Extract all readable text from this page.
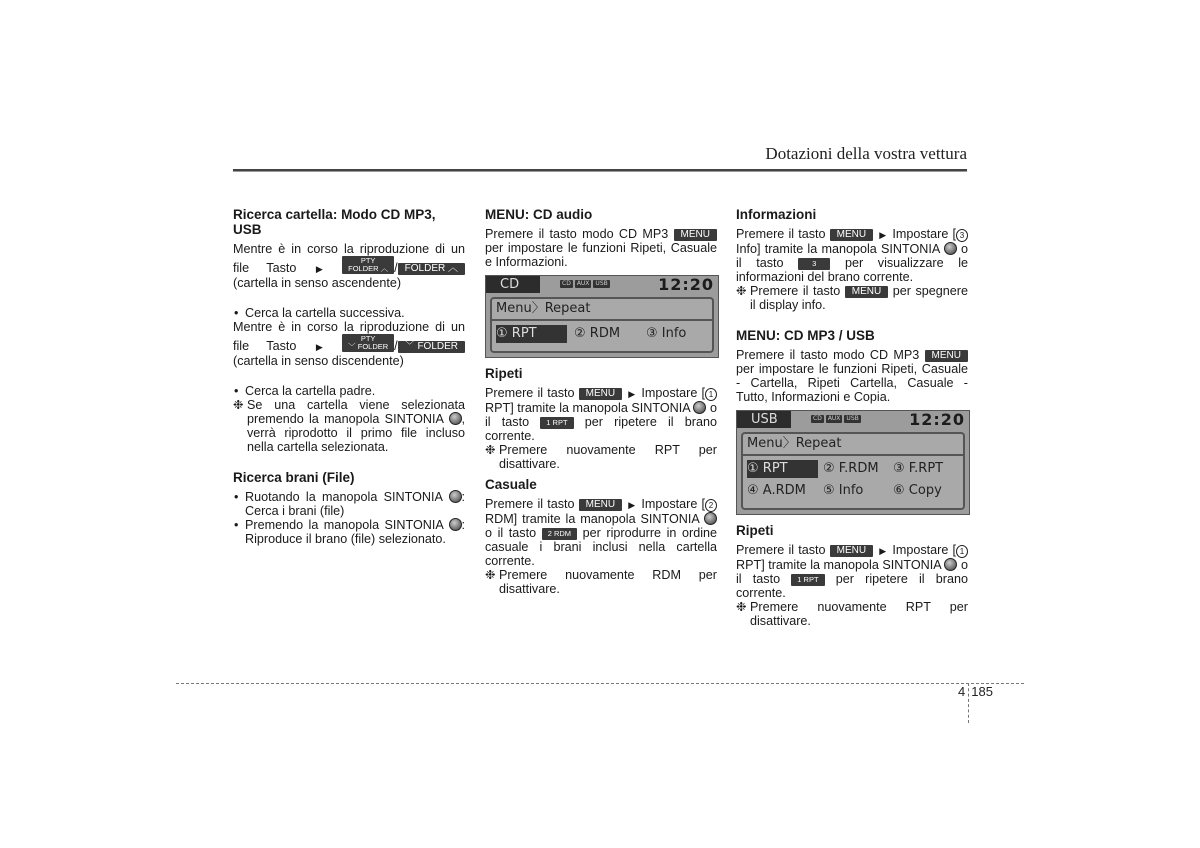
Dotazioni della vostra vettura
Ricerca cartella: Modo CD MP3, USB

Mentre è in corso la riproduzione di un file Tasto ▶ PTY
FOLDER ︿ / FOLDER ︿ (cartella in senso ascendente)

• Cerca la cartella successiva.

Mentre è in corso la riproduzione di un file Tasto ▶ PTY
﹀ FOLDER / ﹀ FOLDER (cartella in senso discendente)

• Cerca la cartella padre.

❉ Se una cartella viene selezionata premendo la manopola SINTONIA , verrà riprodotto il primo file incluso nella cartella selezionata.

Ricerca brani (File)

• Ruotando la manopola SINTONIA : Cerca i brani (file)

• Premendo la manopola SINTONIA : Riproduce il brano (file) selezionato.

MENU: CD audio

Premere il tasto modo CD MP3 MENU per impostare le funzioni Ripeti, Casuale e Informazioni.

CD	CD AUX USB	12:20
Menu〉Repeat
① RPT	② RDM ③ Info
Ripeti

Premere il tasto MENU ▶ Impostare [ 1 RPT] tramite la manopola SINTONIA o il tasto 1 RPT per ripetere il brano corrente.

❉ Premere nuovamente RPT per disattivare.

Casuale

Premere il tasto MENU ▶ Impostare [ 2 RDM] tramite la manopola SINTONIA  o il tasto 2 RDM per riprodurre in ordine casuale i brani inclusi nella cartella corrente.

❉ Premere nuovamente RDM per disattivare.

Informazioni

Premere il tasto MENU ▶ Impostare [ 3 Info] tramite la manopola SINTONIA o il tasto	3 per visualizzare le informazioni del brano corrente.

❉ Premere il tasto MENU per spegnere il display info.

MENU: CD MP3 / USB

Premere il tasto modo CD MP3 MENU per impostare le funzioni Ripeti, Casuale - Cartella, Ripeti Cartella, Casuale - Tutto, Informazioni e Copia.

USB	CD AUX USB	12:20
Menu〉Repeat
① RPT	② F.RDM ③ F.RPT
④ A.RDM ⑤ Info ⑥ Copy
Ripeti

Premere il tasto MENU ▶ Impostare [ 1 RPT] tramite la manopola SINTONIA o il tasto 1 RPT per ripetere il brano corrente.

❉ Premere nuovamente RPT per disattivare.

4 185
